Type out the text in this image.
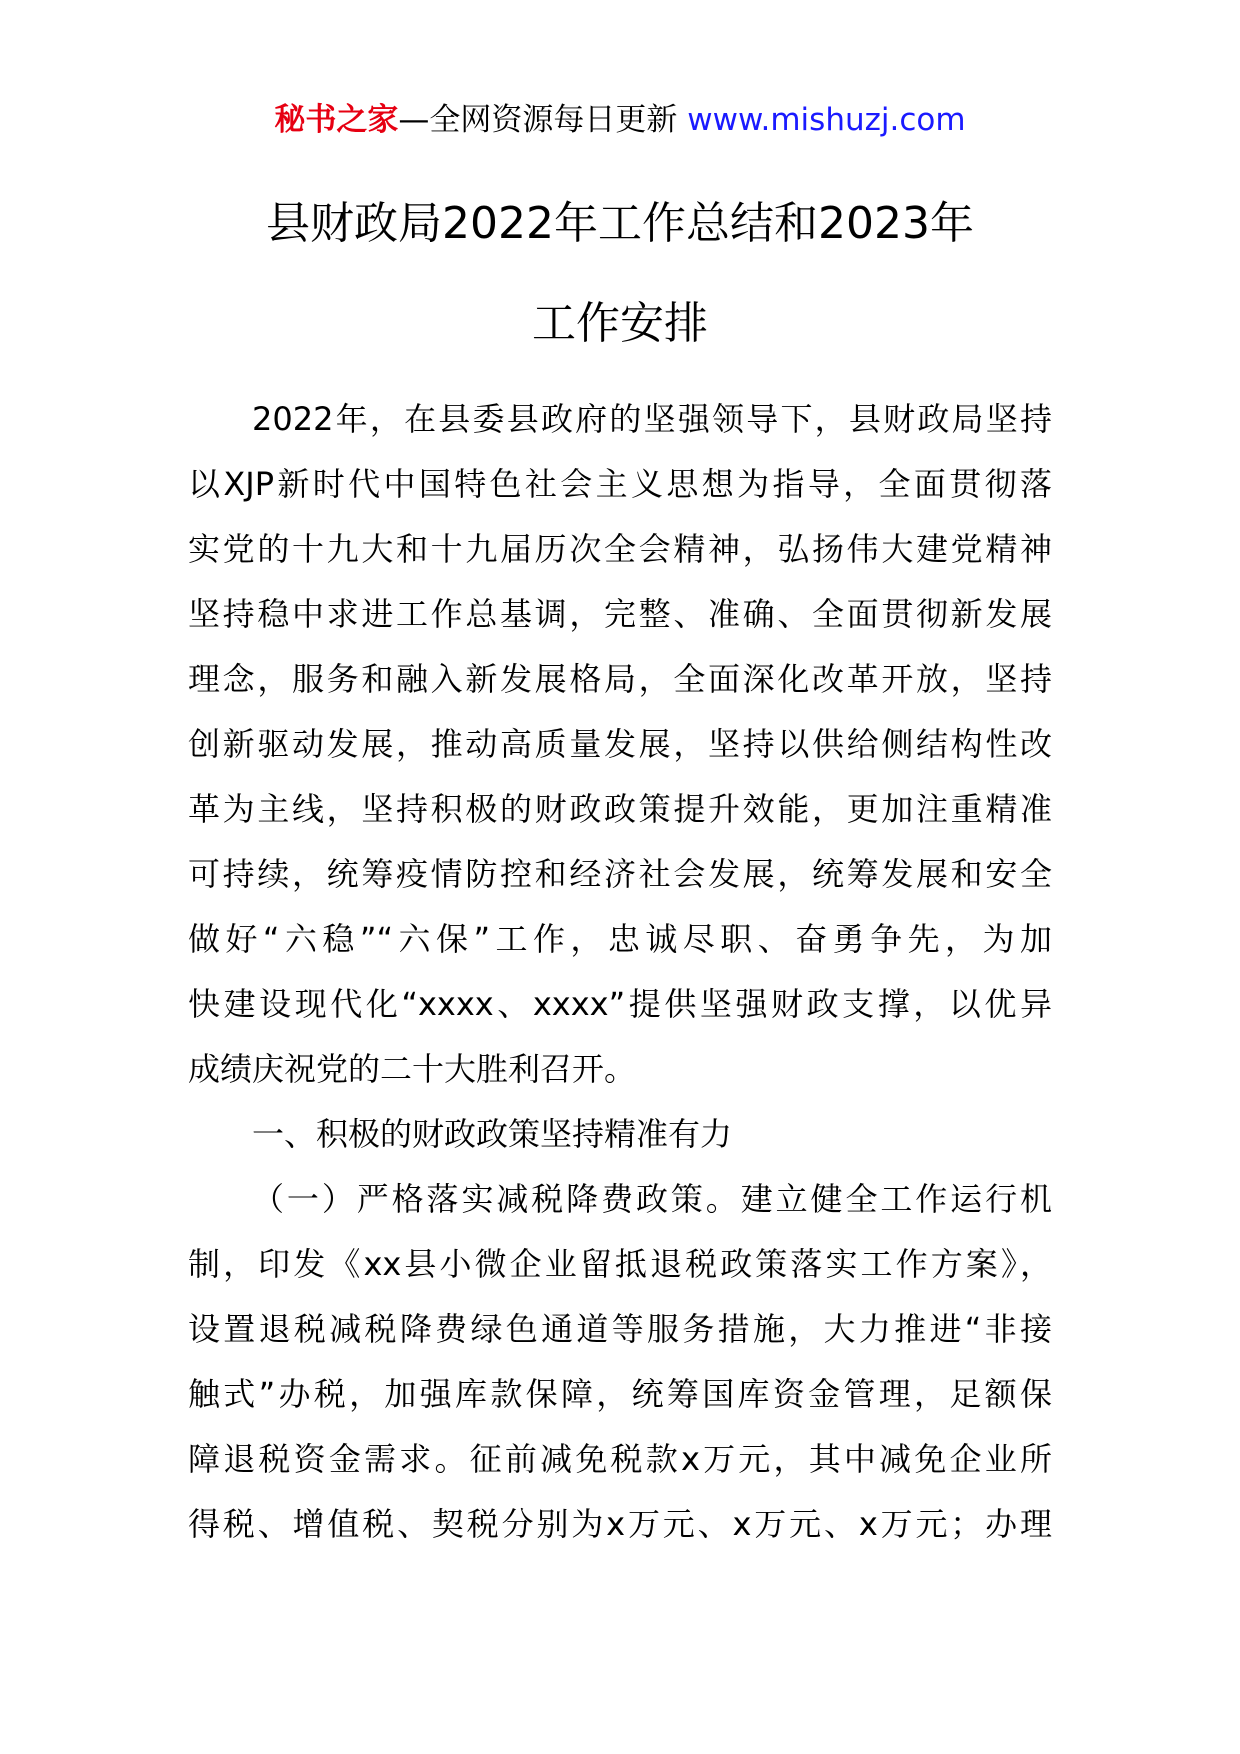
秘书之家—全网资源每日更新 www.mishuzj.com
县财政局2022年工作总结和2023年
工作安排
2022年，在县委县政府的坚强领导下，县财政局坚持
以XJP新时代中国特色社会主义思想为指导，全面贯彻落
实党的十九大和十九届历次全会精神，弘扬伟大建党精神
坚持稳中求进工作总基调，完整、准确、全面贯彻新发展
理念，服务和融入新发展格局，全面深化改革开放，坚持
创新驱动发展，推动高质量发展，坚持以供给侧结构性改
革为主线，坚持积极的财政政策提升效能，更加注重精准
可持续，统筹疫情防控和经济社会发展，统筹发展和安全
做好“六稳”“六保”工作，忠诚尽职、奋勇争先，为加
快建设现代化“xxxx、xxxx”提供坚强财政支撑，以优异
成绩庆祝党的二十大胜利召开。
一、积极的财政政策坚持精准有力
（一）严格落实减税降费政策。建立健全工作运行机
制，印发《xx县小微企业留抵退税政策落实工作方案》，
设置退税减税降费绿色通道等服务措施，大力推进“非接
触式”办税，加强库款保障，统筹国库资金管理，足额保
障退税资金需求。征前减免税款x万元，其中减免企业所
得税、增值税、契税分别为x万元、x万元、x万元；办理
